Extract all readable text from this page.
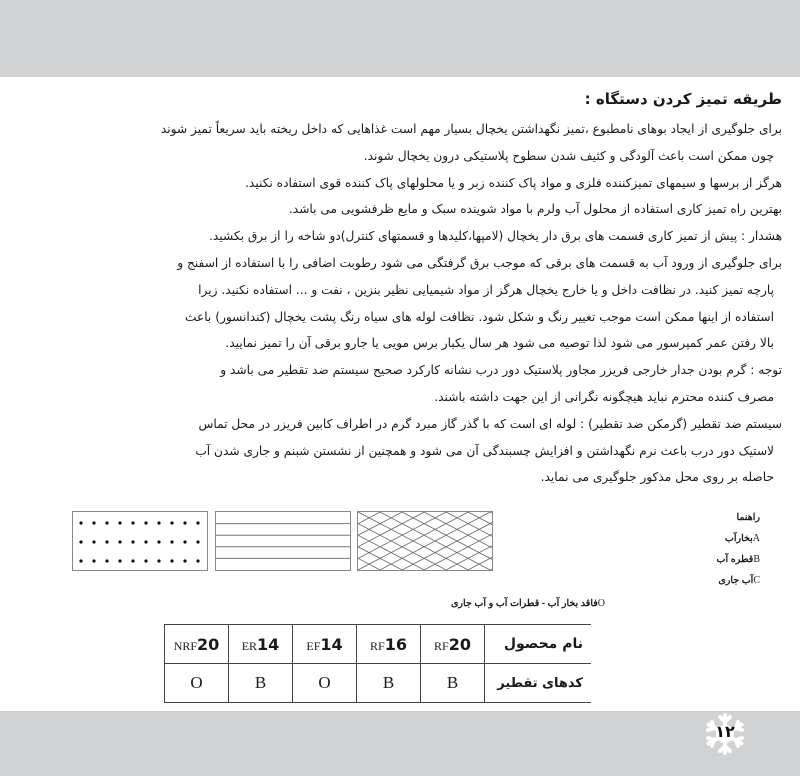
طریقه تمیز کردن دستگاه :

برای جلوگیری از ایجاد بوهای نامطبوع ،تمیز نگهداشتن یخچال بسیار مهم است غذاهایی که داخل ریخته باید سریعاً تمیز شوند

چون ممکن است باعث آلودگی و کثیف شدن سطوح پلاستیکی درون یخچال شوند.

هرگز از برسها و سیمهای تمیزکننده فلزی و مواد پاک کننده زبر و یا محلولهای پاک کننده قوی استفاده نکنید.

بهترین راه تمیز کاری استفاده از محلول آب ولرم با مواد شوینده سبک و مایع ظرفشویی می باشد.

هشدار : پیش از تمیز کاری قسمت های برق دار یخچال (لامپها،کلیدها و قسمتهای کنترل)دو شاخه را از برق بکشید.

برای جلوگیری از ورود آب به قسمت های برقی که موجب برق گرفتگی می شود رطوبت اضافی را با استفاده از اسفنج و

پارچه تمیز کنید. در نظافت داخل و یا خارج یخچال هرگز از مواد شیمیایی نظیر بنزین ، نفت و ... استفاده نکنید. زیرا

استفاده از اینها ممکن است موجب تغییر رنگ و شکل شود. نظافت لوله های سیاه رنگ پشت یخچال (کندانسور) باعث

بالا رفتن عمر کمپرسور می شود لذا توصیه می شود هر سال یکبار برس مویی یا جارو برقی آن را تمیز نمایید.

توجه : گرم بودن جدار خارجی فریزر مجاور پلاستیک دور درب نشانه کارکرد صحیح سیستم ضد تقطیر می باشد و

مصرف کننده محترم نباید هیچگونه نگرانی از این جهت داشته باشند.

سیستم ضد تقطیر (گرمکن ضد تقطیر) : لوله ای است که با گذر گاز مبرد گرم در اطراف کابین فریزر در محل تماس

لاستیک دور درب باعث نرم نگهداشتن و افزایش چسبندگی آن می شود و همچنین از نشستن شبنم و جاری شدن آب

حاصله بر روی محل مذکور جلوگیری می نماید.

راهنما
Aبخارآب
Bقطره آب
Cآب جاری
Oفاقد بخار آب - قطرات آب و آب جاری
NRF20	ER14	EF14	RF16	RF20	نام محصول
O	B	O	B	B	کدهای تقطیر
۱۲
